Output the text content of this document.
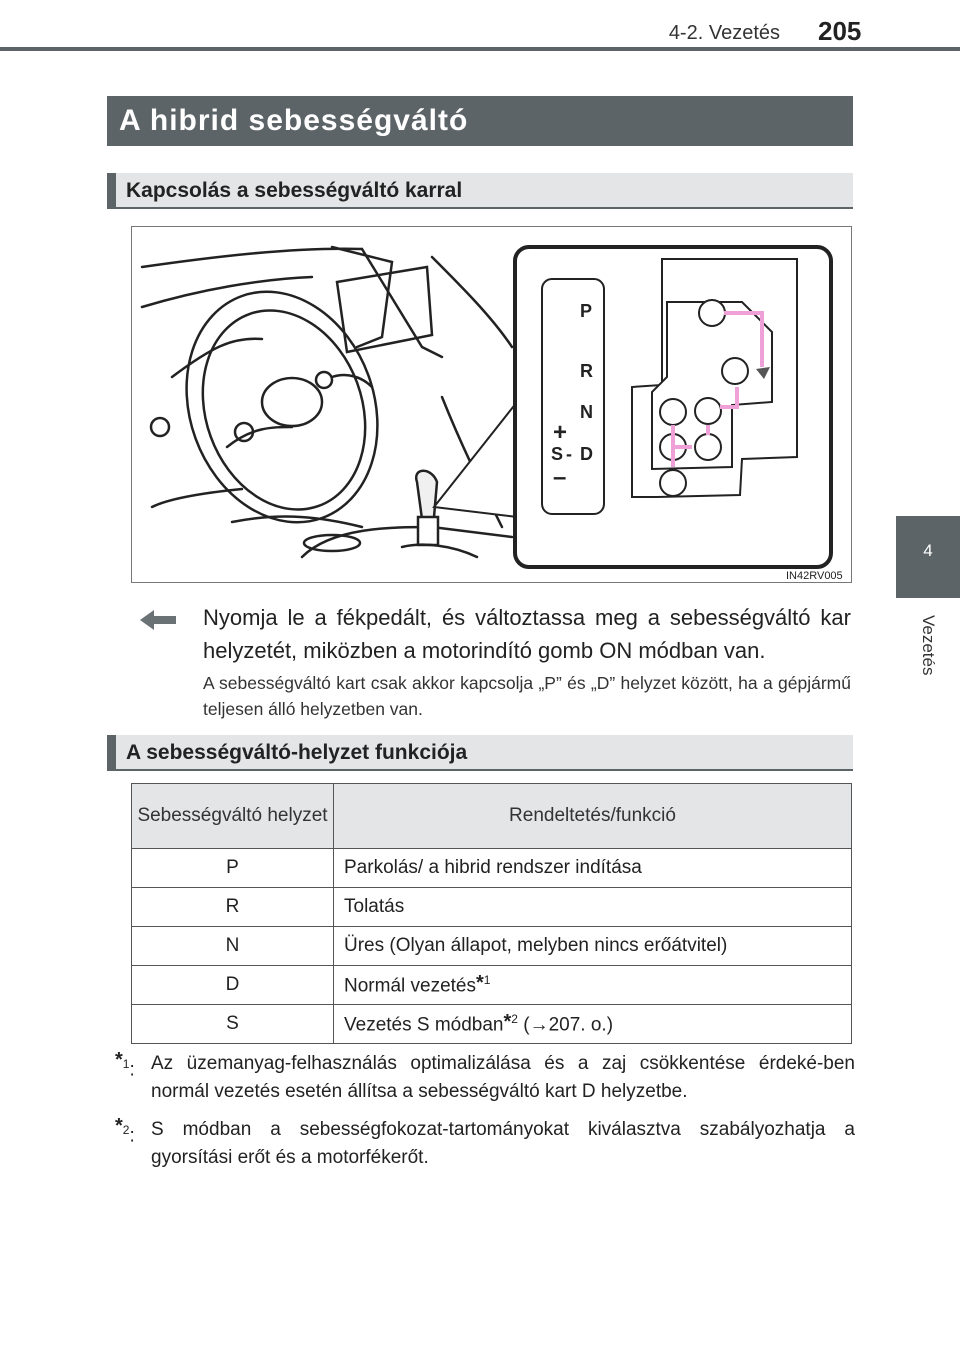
4-2. Vezetés 205
4
Vezetés
A hibrid sebességváltó
Kapcsolás a sebességváltó karral
P
R
N
D
S -
+
–
IN42RV005
Nyomja le a fékpedált, és változtassa meg a sebességváltó kar helyzetét, miközben a motorindító gomb ON módban van.
A sebességváltó kart csak akkor kapcsolja „P” és „D” helyzet között, ha a gépjármű teljesen álló helyzetben van.
A sebességváltó-helyzet funkciója
Sebességváltó helyzet	Rendeltetés/funkció
P	Parkolás/ a hibrid rendszer indítása
R	Tolatás
N	Üres (Olyan állapot, melyben nincs erőátvitel)
D	Normál vezetés*$^1$
S	Vezetés S módban*$^2$ (→207. o.)
*$^1$: Az üzemanyag-felhasználás optimalizálása és a zaj csökkentése érdeké-ben normál vezetés esetén állítsa a sebességváltó kart D helyzetbe.
*$^2$: S módban a sebességfokozat-tartományokat kiválasztva szabályozhatja a gyorsítási erőt és a motorfékerőt.
